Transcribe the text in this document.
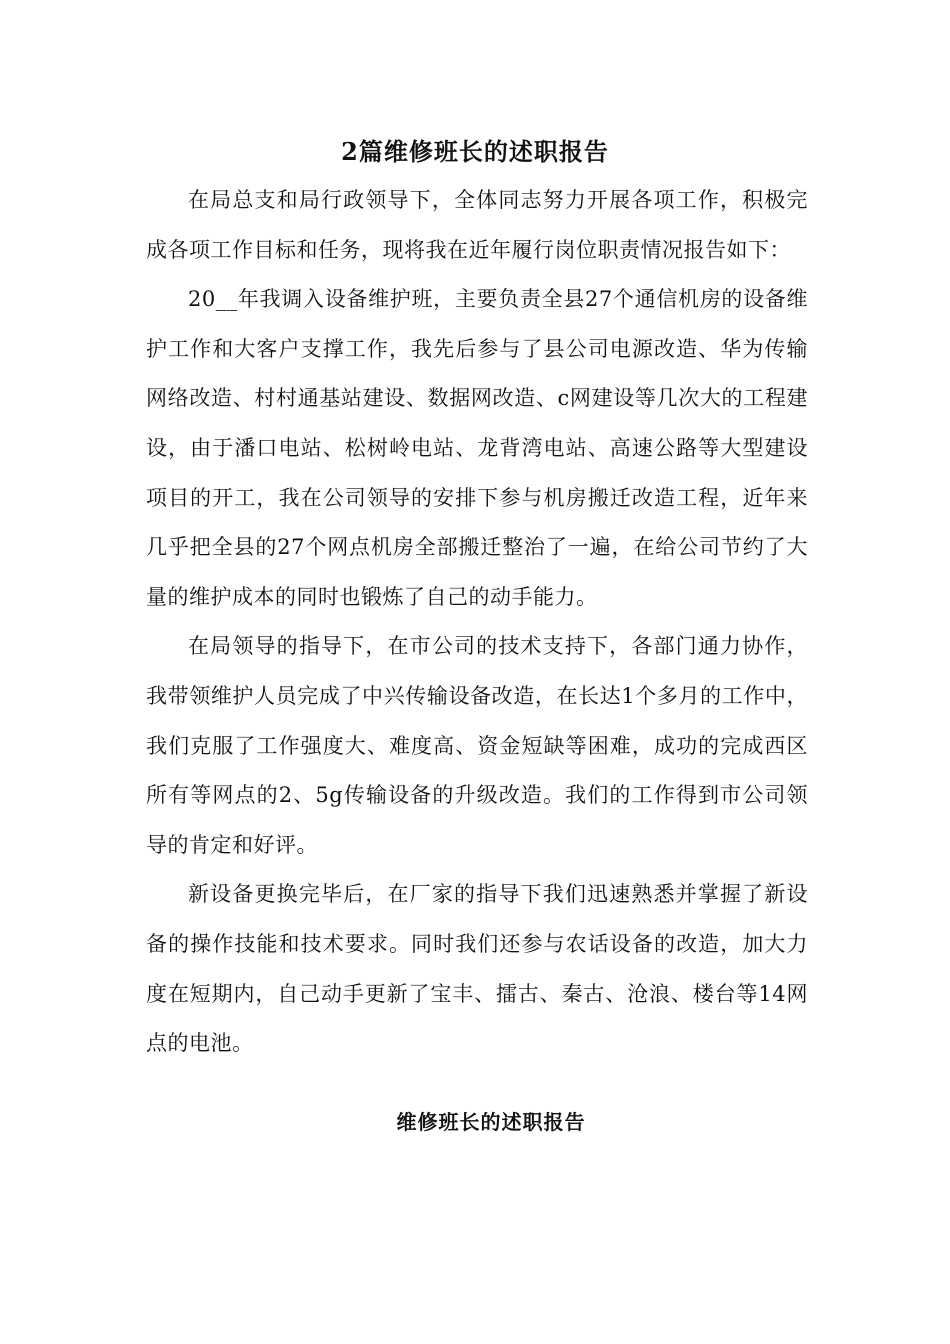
2篇维修班长的述职报告

在局总支和局行政领导下，全体同志努力开展各项工作，积极完成各项工作目标和任务，现将我在近年履行岗位职责情况报告如下：

20__年我调入设备维护班，主要负责全县27个通信机房的设备维护工作和大客户支撑工作，我先后参与了县公司电源改造、华为传输网络改造、村村通基站建设、数据网改造、c网建设等几次大的工程建设，由于潘口电站、松树岭电站、龙背湾电站、高速公路等大型建设项目的开工，我在公司领导的安排下参与机房搬迁改造工程，近年来几乎把全县的27个网点机房全部搬迁整治了一遍，在给公司节约了大量的维护成本的同时也锻炼了自己的动手能力。

在局领导的指导下，在市公司的技术支持下，各部门通力协作，我带领维护人员完成了中兴传输设备改造，在长达1个多月的工作中，我们克服了工作强度大、难度高、资金短缺等困难，成功的完成西区所有等网点的2、5g传输设备的升级改造。我们的工作得到市公司领导的肯定和好评。

新设备更换完毕后，在厂家的指导下我们迅速熟悉并掌握了新设备的操作技能和技术要求。同时我们还参与农话设备的改造，加大力度在短期内，自己动手更新了宝丰、擂古、秦古、沧浪、楼台等14网点的电池。

维修班长的述职报告
